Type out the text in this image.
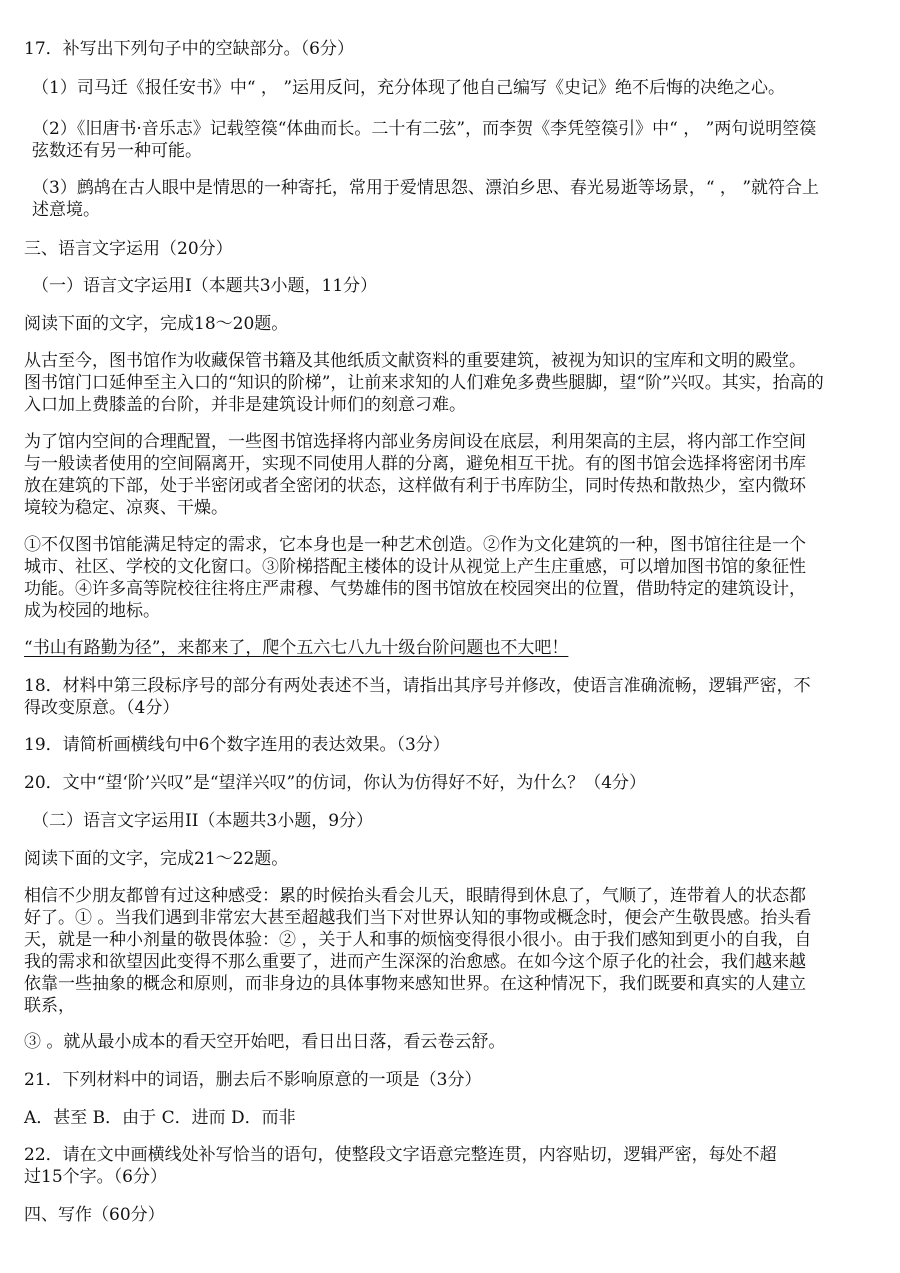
17．补写出下列句子中的空缺部分。（6分）

（1）司马迁《报任安书》中“ ， ”运用反问，充分体现了他自己编写《史记》绝不后悔的决绝之心。

（2）《旧唐书·音乐志》记载箜篌“体曲而长。二十有二弦”，而李贺《李凭箜篌引》中“ ， ”两句说明箜篌

弦数还有另一种可能。

（3）鹧鸪在古人眼中是情思的一种寄托，常用于爱情思怨、漂泊乡思、春光易逝等场景，“ ， ”就符合上

述意境。

三、语言文字运用（20分）

（一）语言文字运用I（本题共3小题，11分）

阅读下面的文字，完成18～20题。

从古至今，图书馆作为收藏保管书籍及其他纸质文献资料的重要建筑，被视为知识的宝库和文明的殿堂。

图书馆门口延伸至主入口的“知识的阶梯”，让前来求知的人们难免多费些腿脚，望“阶”兴叹。其实，抬高的

入口加上费膝盖的台阶，并非是建筑设计师们的刻意刁难。

为了馆内空间的合理配置，一些图书馆选择将内部业务房间设在底层，利用架高的主层，将内部工作空间

与一般读者使用的空间隔离开，实现不同使用人群的分离，避免相互干扰。有的图书馆会选择将密闭书库

放在建筑的下部，处于半密闭或者全密闭的状态，这样做有利于书库防尘，同时传热和散热少，室内微环

境较为稳定、凉爽、干燥。

①不仅图书馆能满足特定的需求，它本身也是一种艺术创造。②作为文化建筑的一种，图书馆往往是一个

城市、社区、学校的文化窗口。③阶梯搭配主楼体的设计从视觉上产生庄重感，可以增加图书馆的象征性

功能。④许多高等院校往往将庄严肃穆、气势雄伟的图书馆放在校园突出的位置，借助特定的建筑设计，

成为校园的地标。

“书山有路勤为径”，来都来了，爬个五六七八九十级台阶问题也不大吧！

18．材料中第三段标序号的部分有两处表述不当，请指出其序号并修改，使语言准确流畅，逻辑严密，不

得改变原意。（4分）

19．请简析画横线句中6个数字连用的表达效果。（3分）

20．文中“望‘阶’兴叹”是“望洋兴叹”的仿词，你认为仿得好不好，为什么？（4分）

（二）语言文字运用II（本题共3小题，9分）

阅读下面的文字，完成21～22题。

相信不少朋友都曾有过这种感受：累的时候抬头看会儿天，眼睛得到休息了，气顺了，连带着人的状态都

好了。① 。当我们遇到非常宏大甚至超越我们当下对世界认知的事物或概念时，便会产生敬畏感。抬头看

天，就是一种小剂量的敬畏体验：② ，关于人和事的烦恼变得很小很小。由于我们感知到更小的自我，自

我的需求和欲望因此变得不那么重要了，进而产生深深的治愈感。在如今这个原子化的社会，我们越来越

依靠一些抽象的概念和原则，而非身边的具体事物来感知世界。在这种情况下，我们既要和真实的人建立

联系，

③ 。就从最小成本的看天空开始吧，看日出日落，看云卷云舒。

21．下列材料中的词语，删去后不影响原意的一项是（3分）

A．甚至 B．由于 C．进而 D．而非

22．请在文中画横线处补写恰当的语句，使整段文字语意完整连贯，内容贴切，逻辑严密，每处不超

过15个字。（6分）

四、写作（60分）
